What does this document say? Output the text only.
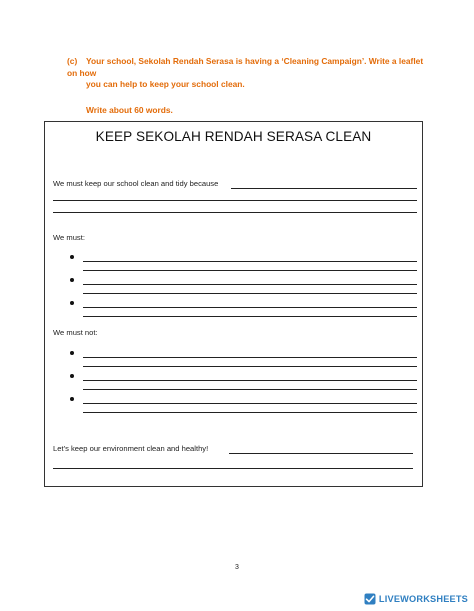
(c) Your school, Sekolah Rendah Serasa is having a ‘Cleaning Campaign’. Write a leaflet on how
you can help to keep your school clean.
Write about 60 words.
KEEP SEKOLAH RENDAH SERASA CLEAN
We must keep our school clean and tidy because
We must:
We must not:
Let’s keep our environment clean and healthy!
3
LIVEWORKSHEETS
